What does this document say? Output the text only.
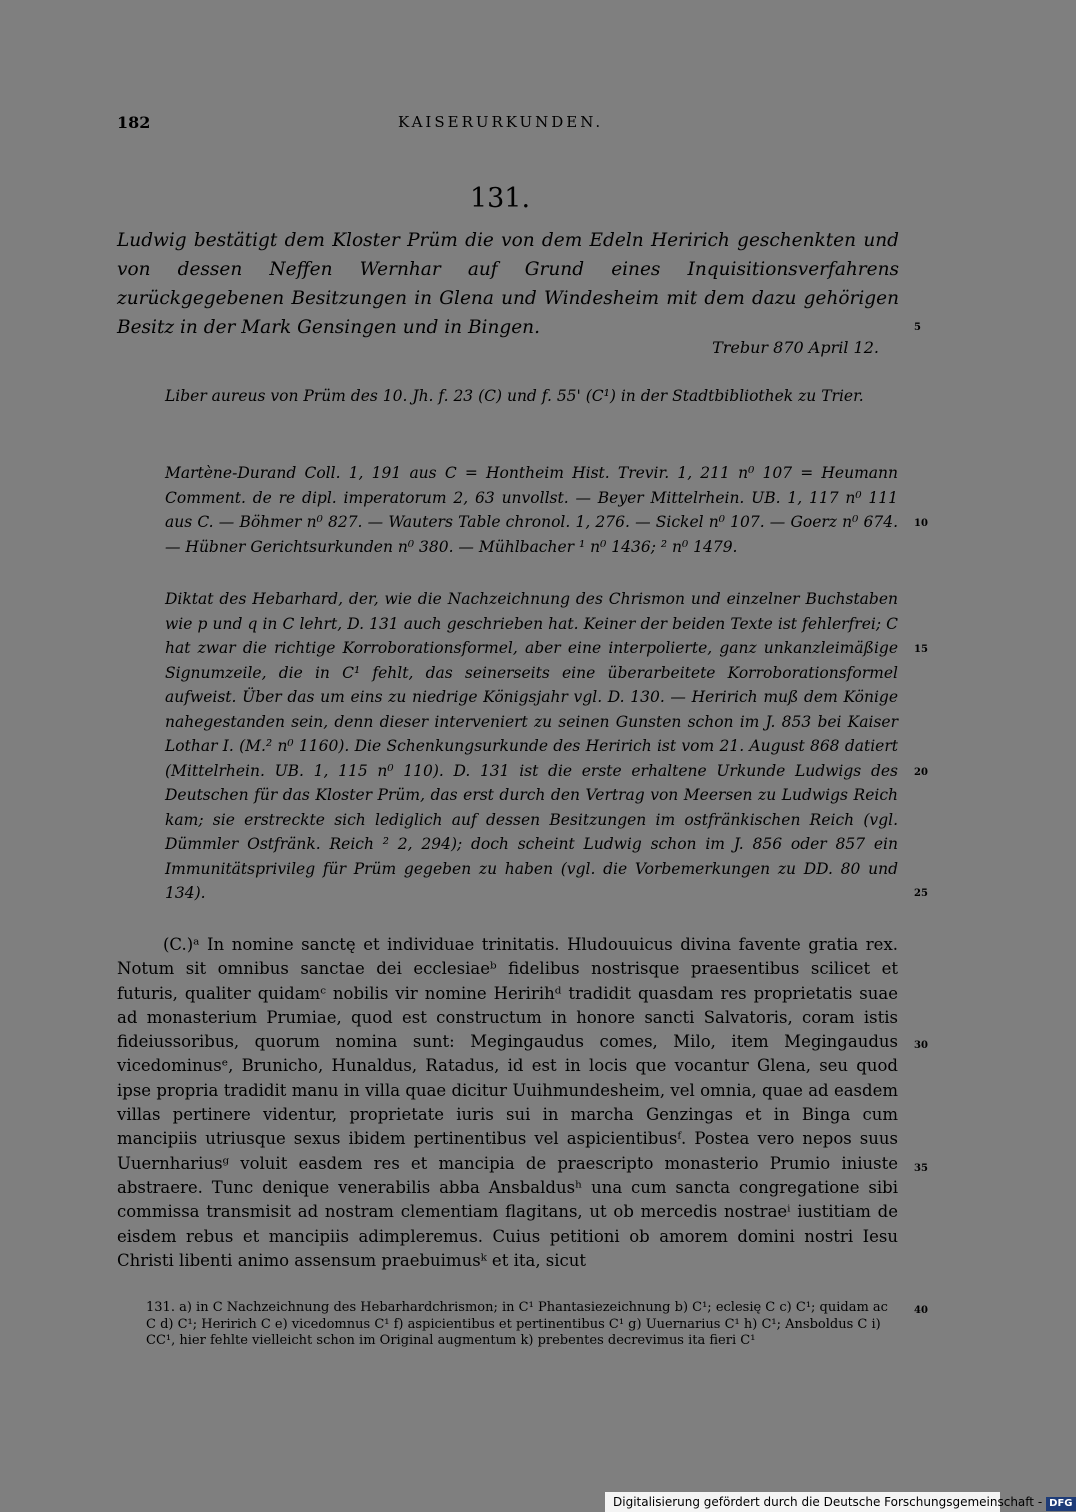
182	KAISERURKUNDEN.
131.
Ludwig bestätigt dem Kloster Prüm die von dem Edeln Heririch geschenkten und von dessen Neffen Wernhar auf Grund eines Inquisitionsverfahrens zurückgegebenen Besitzungen in Glena und Windesheim mit dem dazu gehörigen Besitz in der Mark Gensingen und in Bingen.
Trebur 870 April 12.
Liber aureus von Prüm des 10. Jh. f. 23 (C) und f. 55' (C¹) in der Stadtbibliothek zu Trier.
Martène-Durand Coll. 1, 191 aus C = Hontheim Hist. Trevir. 1, 211 n⁰ 107 = Heumann Comment. de re dipl. imperatorum 2, 63 unvollst. — Beyer Mittelrhein. UB. 1, 117 n⁰ 111 aus C. — Böhmer n⁰ 827. — Wauters Table chronol. 1, 276. — Sickel n⁰ 107. — Goerz n⁰ 674. — Hübner Gerichtsurkunden n⁰ 380. — Mühlbacher ¹ n⁰ 1436; ² n⁰ 1479.
Diktat des Hebarhard, der, wie die Nachzeichnung des Chrismon und einzelner Buchstaben wie p und q in C lehrt, D. 131 auch geschrieben hat. Keiner der beiden Texte ist fehlerfrei; C hat zwar die richtige Korroborationsformel, aber eine interpolierte, ganz unkanzleimäßige Signumzeile, die in C¹ fehlt, das seinerseits eine überarbeitete Korroborationsformel aufweist. Über das um eins zu niedrige Königsjahr vgl. D. 130. — Heririch muß dem Könige nahegestanden sein, denn dieser interveniert zu seinen Gunsten schon im J. 853 bei Kaiser Lothar I. (M.² n⁰ 1160). Die Schenkungsurkunde des Heririch ist vom 21. August 868 datiert (Mittelrhein. UB. 1, 115 n⁰ 110). D. 131 ist die erste erhaltene Urkunde Ludwigs des Deutschen für das Kloster Prüm, das erst durch den Vertrag von Meersen zu Ludwigs Reich kam; sie erstreckte sich lediglich auf dessen Besitzungen im ostfränkischen Reich (vgl. Dümmler Ostfränk. Reich ² 2, 294); doch scheint Ludwig schon im J. 856 oder 857 ein Immunitätsprivileg für Prüm gegeben zu haben (vgl. die Vorbemerkungen zu DD. 80 und 134).
(C.)ᵃ In nomine sanctę et individuae trinitatis. Hludouuicus divina favente gratia rex. Notum sit omnibus sanctae dei ecclesiaeᵇ fidelibus nostrisque praesentibus scilicet et futuris, qualiter quidamᶜ nobilis vir nomine Heririhᵈ tradidit quasdam res proprietatis suae ad monasterium Prumiae, quod est constructum in honore sancti Salvatoris, coram istis fideiussoribus, quorum nomina sunt: Megingaudus comes, Milo, item Megingaudus vicedominusᵉ, Brunicho, Hunaldus, Ratadus, id est in locis que vocantur Glena, seu quod ipse propria tradidit manu in villa quae dicitur Uuihmundesheim, vel omnia, quae ad easdem villas pertinere videntur, proprietate iuris sui in marcha Genzingas et in Binga cum mancipiis utriusque sexus ibidem pertinentibus vel aspicientibusᶠ. Postea vero nepos suus Uuernhariusᵍ voluit easdem res et mancipia de praescripto monasterio Prumio iniuste abstraere. Tunc denique venerabilis abba Ansbaldusʰ una cum sancta congregatione sibi commissa transmisit ad nostram clementiam flagitans, ut ob mercedis nostraeⁱ iustitiam de eisdem rebus et mancipiis adimpleremus. Cuius petitioni ob amorem domini nostri Iesu Christi libenti animo assensum praebuimusᵏ et ita, sicut
131. a) in C Nachzeichnung des Hebarhardchrismon; in C¹ Phantasiezeichnung b) C¹; eclesię C c) C¹; quidam ac C d) C¹; Heririch C e) vicedomnus C¹ f) aspicientibus et pertinentibus C¹ g) Uuernarius C¹ h) C¹; Ansboldus C i) CC¹, hier fehlte vielleicht schon im Original augmentum k) prebentes decrevimus ita fieri C¹
5
10
15
20
25
30
35
40
Digitalisierung gefördert durch die Deutsche Forschungsgemeinschaft - DFG
